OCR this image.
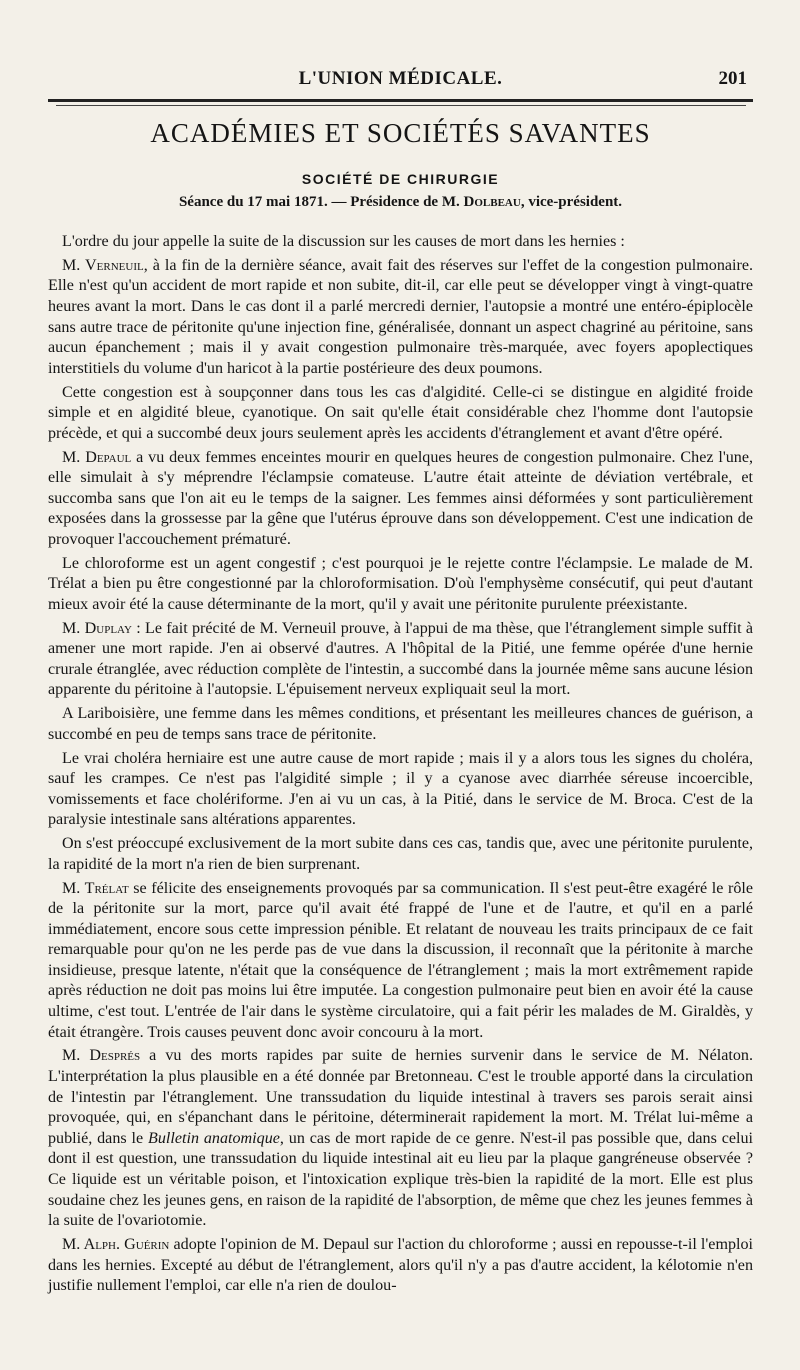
L'UNION MÉDICALE.	201
ACADÉMIES ET SOCIÉTÉS SAVANTES
SOCIÉTÉ DE CHIRURGIE
Séance du 17 mai 1871. — Présidence de M. Dolbeau, vice-président.

L'ordre du jour appelle la suite de la discussion sur les causes de mort dans les hernies :

M. Verneuil, à la fin de la dernière séance, avait fait des réserves sur l'effet de la congestion pulmonaire. Elle n'est qu'un accident de mort rapide et non subite, dit-il, car elle peut se développer vingt à vingt-quatre heures avant la mort. Dans le cas dont il a parlé mercredi dernier, l'autopsie a montré une entéro-épiplocèle sans autre trace de péritonite qu'une injection fine, généralisée, donnant un aspect chagriné au péritoine, sans aucun épanchement ; mais il y avait congestion pulmonaire très-marquée, avec foyers apoplectiques interstitiels du volume d'un haricot à la partie postérieure des deux poumons.

Cette congestion est à soupçonner dans tous les cas d'algidité. Celle-ci se distingue en algidité froide simple et en algidité bleue, cyanotique. On sait qu'elle était considérable chez l'homme dont l'autopsie précède, et qui a succombé deux jours seulement après les accidents d'étranglement et avant d'être opéré.

M. Depaul a vu deux femmes enceintes mourir en quelques heures de congestion pulmonaire. Chez l'une, elle simulait à s'y méprendre l'éclampsie comateuse. L'autre était atteinte de déviation vertébrale, et succomba sans que l'on ait eu le temps de la saigner. Les femmes ainsi déformées y sont particulièrement exposées dans la grossesse par la gêne que l'utérus éprouve dans son développement. C'est une indication de provoquer l'accouchement prématuré.

Le chloroforme est un agent congestif ; c'est pourquoi je le rejette contre l'éclampsie. Le malade de M. Trélat a bien pu être congestionné par la chloroformisation. D'où l'emphysème consécutif, qui peut d'autant mieux avoir été la cause déterminante de la mort, qu'il y avait une péritonite purulente préexistante.

M. Duplay : Le fait précité de M. Verneuil prouve, à l'appui de ma thèse, que l'étranglement simple suffit à amener une mort rapide. J'en ai observé d'autres. A l'hôpital de la Pitié, une femme opérée d'une hernie crurale étranglée, avec réduction complète de l'intestin, a succombé dans la journée même sans aucune lésion apparente du péritoine à l'autopsie. L'épuisement nerveux expliquait seul la mort.

A Lariboisière, une femme dans les mêmes conditions, et présentant les meilleures chances de guérison, a succombé en peu de temps sans trace de péritonite.

Le vrai choléra herniaire est une autre cause de mort rapide ; mais il y a alors tous les signes du choléra, sauf les crampes. Ce n'est pas l'algidité simple ; il y a cyanose avec diarrhée séreuse incoercible, vomissements et face cholériforme. J'en ai vu un cas, à la Pitié, dans le service de M. Broca. C'est de la paralysie intestinale sans altérations apparentes.

On s'est préoccupé exclusivement de la mort subite dans ces cas, tandis que, avec une péritonite purulente, la rapidité de la mort n'a rien de bien surprenant.

M. Trélat se félicite des enseignements provoqués par sa communication. Il s'est peut-être exagéré le rôle de la péritonite sur la mort, parce qu'il avait été frappé de l'une et de l'autre, et qu'il en a parlé immédiatement, encore sous cette impression pénible. Et relatant de nouveau les traits principaux de ce fait remarquable pour qu'on ne les perde pas de vue dans la discussion, il reconnaît que la péritonite à marche insidieuse, presque latente, n'était que la conséquence de l'étranglement ; mais la mort extrêmement rapide après réduction ne doit pas moins lui être imputée. La congestion pulmonaire peut bien en avoir été la cause ultime, c'est tout. L'entrée de l'air dans le système circulatoire, qui a fait périr les malades de M. Giraldès, y était étrangère. Trois causes peuvent donc avoir concouru à la mort.

M. Després a vu des morts rapides par suite de hernies survenir dans le service de M. Nélaton. L'interprétation la plus plausible en a été donnée par Bretonneau. C'est le trouble apporté dans la circulation de l'intestin par l'étranglement. Une transsudation du liquide intestinal à travers ses parois serait ainsi provoquée, qui, en s'épanchant dans le péritoine, déterminerait rapidement la mort. M. Trélat lui-même a publié, dans le Bulletin anatomique, un cas de mort rapide de ce genre. N'est-il pas possible que, dans celui dont il est question, une transsudation du liquide intestinal ait eu lieu par la plaque gangréneuse observée ? Ce liquide est un véritable poison, et l'intoxication explique très-bien la rapidité de la mort. Elle est plus soudaine chez les jeunes gens, en raison de la rapidité de l'absorption, de même que chez les jeunes femmes à la suite de l'ovariotomie.

M. Alph. Guérin adopte l'opinion de M. Depaul sur l'action du chloroforme ; aussi en repousse-t-il l'emploi dans les hernies. Excepté au début de l'étranglement, alors qu'il n'y a pas d'autre accident, la kélotomie n'en justifie nullement l'emploi, car elle n'a rien de doulou-
